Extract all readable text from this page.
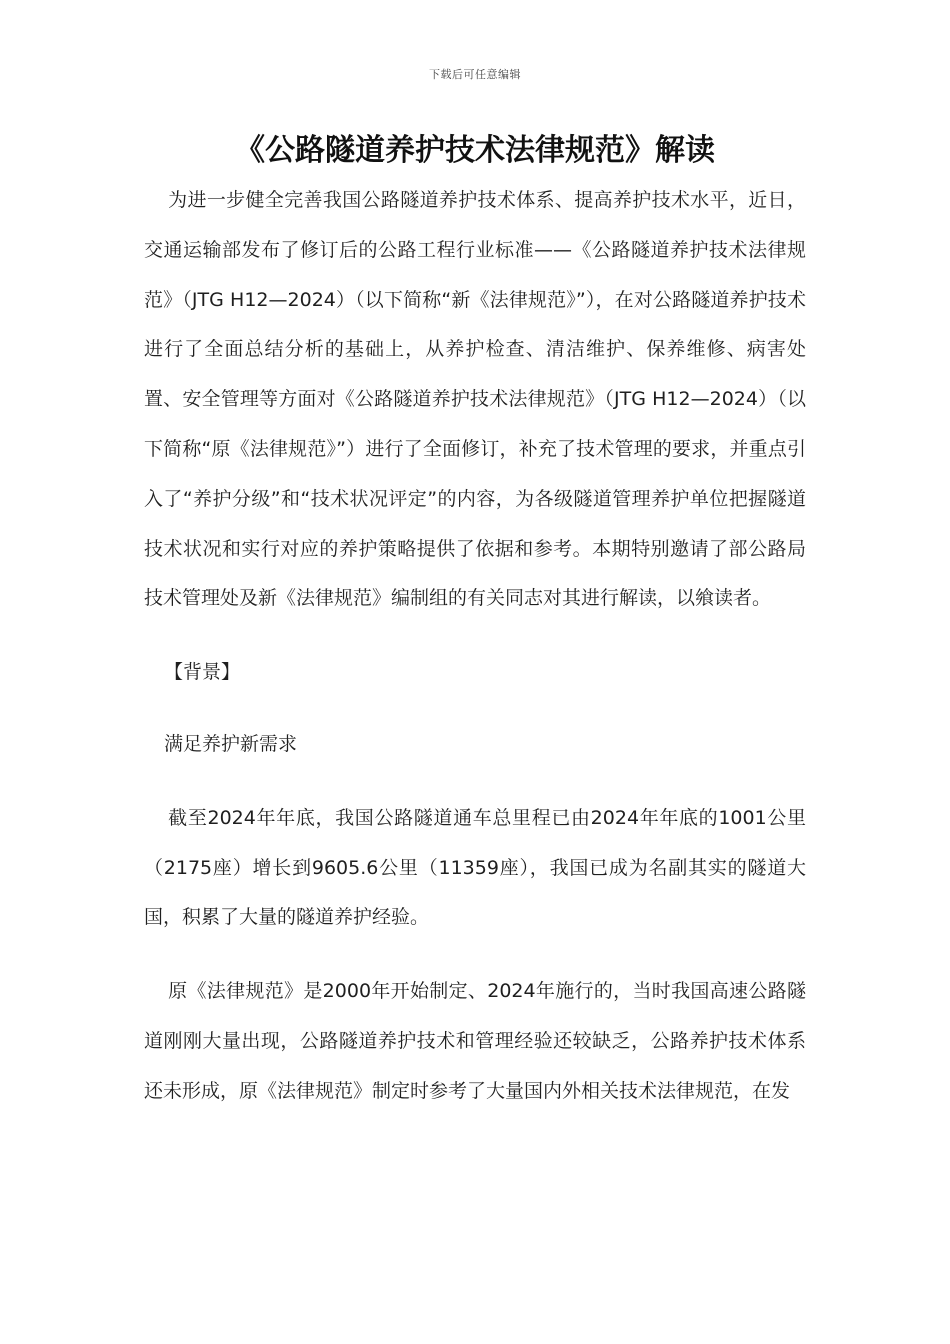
下载后可任意编辑
《公路隧道养护技术法律规范》解读

为进一步健全完善我国公路隧道养护技术体系、提高养护技术水平，近日，交通运输部发布了修订后的公路工程行业标准——《公路隧道养护技术法律规范》（JTG H12—2024）（以下简称“新《法律规范》”），在对公路隧道养护技术进行了全面总结分析的基础上，从养护检查、清洁维护、保养维修、病害处置、安全管理等方面对《公路隧道养护技术法律规范》（JTG H12—2024）（以下简称“原《法律规范》”）进行了全面修订，补充了技术管理的要求，并重点引入了“养护分级”和“技术状况评定”的内容，为各级隧道管理养护单位把握隧道技术状况和实行对应的养护策略提供了依据和参考。本期特别邀请了部公路局技术管理处及新《法律规范》编制组的有关同志对其进行解读，以飨读者。

【背景】

满足养护新需求

截至2024年年底，我国公路隧道通车总里程已由2024年年底的1001公里（2175座）增长到9605.6公里（11359座），我国已成为名副其实的隧道大国，积累了大量的隧道养护经验。

原《法律规范》是2000年开始制定、2024年施行的，当时我国高速公路隧道刚刚大量出现，公路隧道养护技术和管理经验还较缺乏，公路养护技术体系还未形成，原《法律规范》制定时参考了大量国内外相关技术法律规范，在发
